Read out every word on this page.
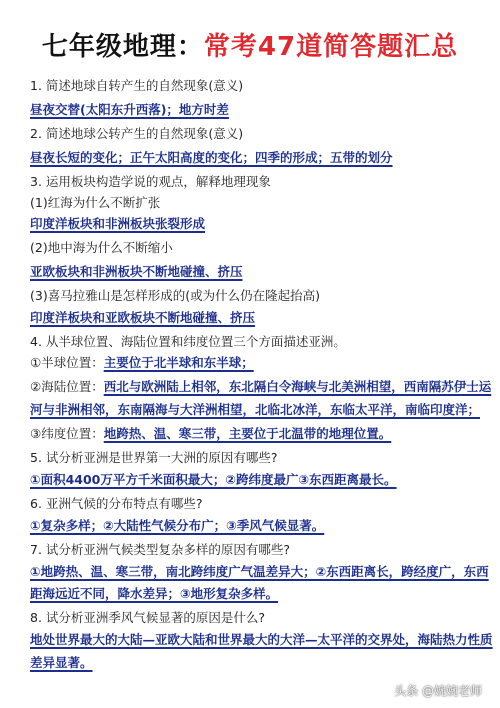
七年级地理：常考47道简答题汇总
1. 简述地球自转产生的自然现象(意义)
昼夜交替(太阳东升西落)；地方时差
2. 简述地球公转产生的自然现象(意义)
昼夜长短的变化；正午太阳高度的变化；四季的形成；五带的划分
3. 运用板块构造学说的观点，解释地理现象
(1)红海为什么不断扩张
印度洋板块和非洲板块张裂形成
(2)地中海为什么不断缩小
亚欧板块和非洲板块不断地碰撞、挤压
(3)喜马拉雅山是怎样形成的(或为什么仍在隆起抬高)
印度洋板块和亚欧板块不断地碰撞、挤压
4. 从半球位置、海陆位置和纬度位置三个方面描述亚洲。
①半球位置：主要位于北半球和东半球；
②海陆位置：西北与欧洲陆上相邻，东北隔白令海峡与北美洲相望，西南隔苏伊士运
河与非洲相邻，东南隔海与大洋洲相望，北临北冰洋，东临太平洋，南临印度洋；
③纬度位置：地跨热、温、寒三带，主要位于北温带的地理位置。
5. 试分析亚洲是世界第一大洲的原因有哪些?
①面积4400万平方千米面积最大；②跨纬度最广③东西距离最长。
6. 亚洲气候的分布特点有哪些?
①复杂多样；②大陆性气候分布广；③季风气候显著。
7. 试分析亚洲气候类型复杂多样的原因有哪些?
①地跨热、温、寒三带，南北跨纬度广气温差异大；②东西距离长，跨经度广，东西
距海远近不同，降水差异；③地形复杂多样。
8. 试分析亚洲季风气候显著的原因是什么?
地处世界最大的大陆—亚欧大陆和世界最大的大洋—太平洋的交界处，海陆热力性质
差异显著。
头条 @婉婉老师
